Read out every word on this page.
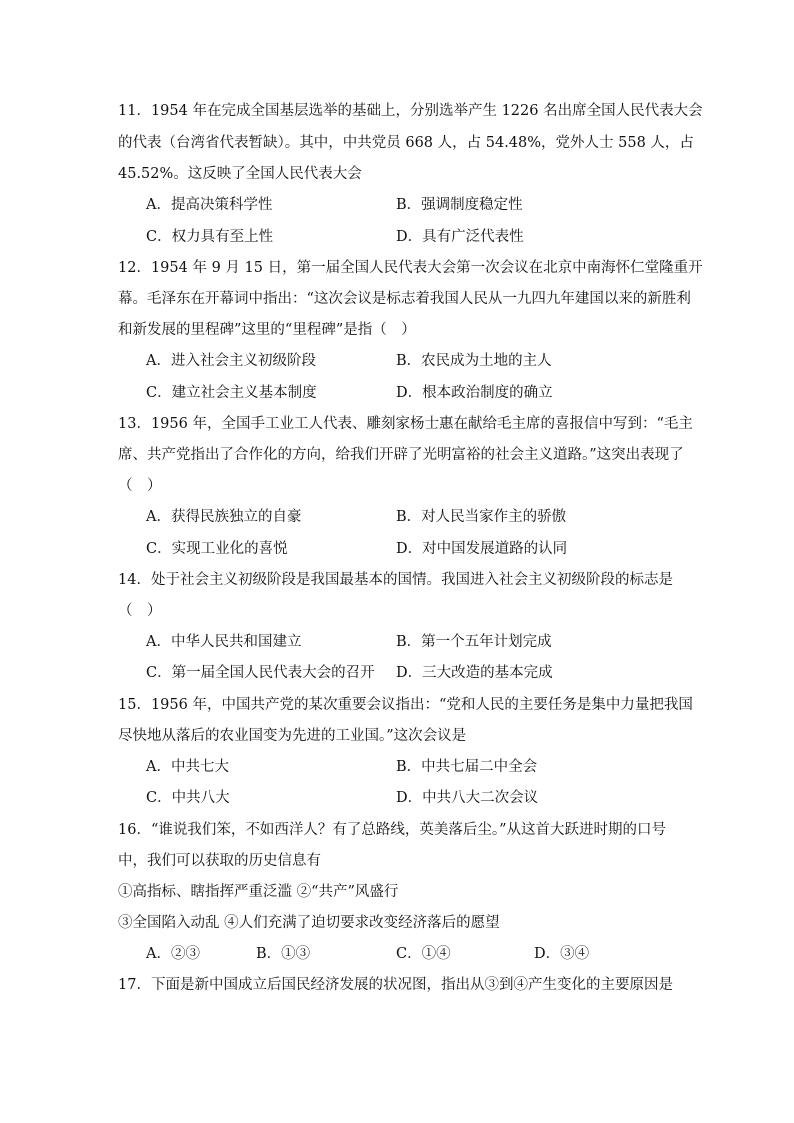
11．1954 年在完成全国基层选举的基础上，分别选举产生 1226 名出席全国人民代表大会
的代表（台湾省代表暂缺）。其中，中共党员 668 人，占 54.48%，党外人士 558 人，占
45.52%。这反映了全国人民代表大会
A．提高决策科学性	B．强调制度稳定性
C．权力具有至上性	D．具有广泛代表性
12．1954 年 9 月 15 日，第一届全国人民代表大会第一次会议在北京中南海怀仁堂隆重开
幕。毛泽东在开幕词中指出：“这次会议是标志着我国人民从一九四九年建国以来的新胜利
和新发展的里程碑”这里的“里程碑”是指（　）
A．进入社会主义初级阶段	B．农民成为土地的主人
C．建立社会主义基本制度	D．根本政治制度的确立
13．1956 年，全国手工业工人代表、雕刻家杨士惠在献给毛主席的喜报信中写到：“毛主
席、共产党指出了合作化的方向，给我们开辟了光明富裕的社会主义道路。”这突出表现了
（　）
A．获得民族独立的自豪	B．对人民当家作主的骄傲
C．实现工业化的喜悦	D．对中国发展道路的认同
14．处于社会主义初级阶段是我国最基本的国情。我国进入社会主义初级阶段的标志是
（　）
A．中华人民共和国建立	B．第一个五年计划完成
C．第一届全国人民代表大会的召开 D．三大改造的基本完成
15．1956 年，中国共产党的某次重要会议指出：“党和人民的主要任务是集中力量把我国
尽快地从落后的农业国变为先进的工业国。”这次会议是
A．中共七大	B．中共七届二中全会
C．中共八大	D．中共八大二次会议
16．“谁说我们笨，不如西洋人？有了总路线，英美落后尘。”从这首大跃进时期的口号
中，我们可以获取的历史信息有
①高指标、瞎指挥严重泛滥 ②“共产”风盛行
③全国陷入动乱 ④人们充满了迫切要求改变经济落后的愿望
A．②③	B．①③	C．①④	D．③④
17．下面是新中国成立后国民经济发展的状况图，指出从③到④产生变化的主要原因是
